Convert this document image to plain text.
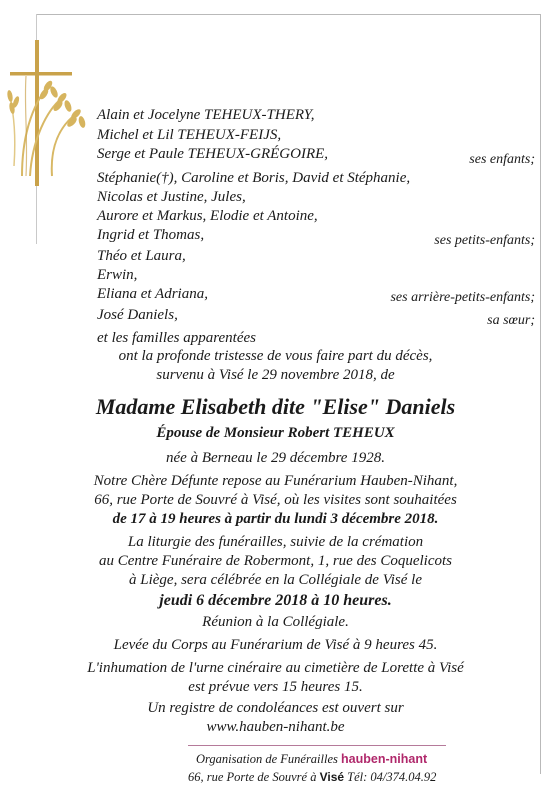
Alain et Jocelyne TEHEUX-THERY,
Michel et Lil TEHEUX-FEIJS,
Serge et Paule TEHEUX-GRÉGOIRE,	ses enfants;
Stéphanie(†), Caroline et Boris, David et Stéphanie,
Nicolas et Justine, Jules,
Aurore et Markus, Elodie et Antoine,
Ingrid et Thomas,	ses petits-enfants;
Théo et Laura,
Erwin,
Eliana et Adriana,	ses arrière-petits-enfants;
José Daniels,	sa sœur;
et les familles apparentées
ont la profonde tristesse de vous faire part du décès,
survenu à Visé le 29 novembre 2018, de
Madame Elisabeth dite "Elise" Daniels
Épouse de Monsieur Robert TEHEUX
née à Berneau le 29 décembre 1928.
Notre Chère Défunte repose au Funérarium Hauben-Nihant,
66, rue Porte de Souvré à Visé, où les visites sont souhaitées
de 17 à 19 heures à partir du lundi 3 décembre 2018.
La liturgie des funérailles, suivie de la crémation
au Centre Funéraire de Robermont, 1, rue des Coquelicots
à Liège, sera célébrée en la Collégiale de Visé le
jeudi 6 décembre 2018 à 10 heures.
Réunion à la Collégiale.
Levée du Corps au Funérarium de Visé à 9 heures 45.
L'inhumation de l'urne cinéraire au cimetière de Lorette à Visé
est prévue vers 15 heures 15.
Un registre de condoléances est ouvert sur
www.hauben-nihant.be
Organisation de Funérailles hauben-nihant
66, rue Porte de Souvré à Visé Tél: 04/374.04.92
